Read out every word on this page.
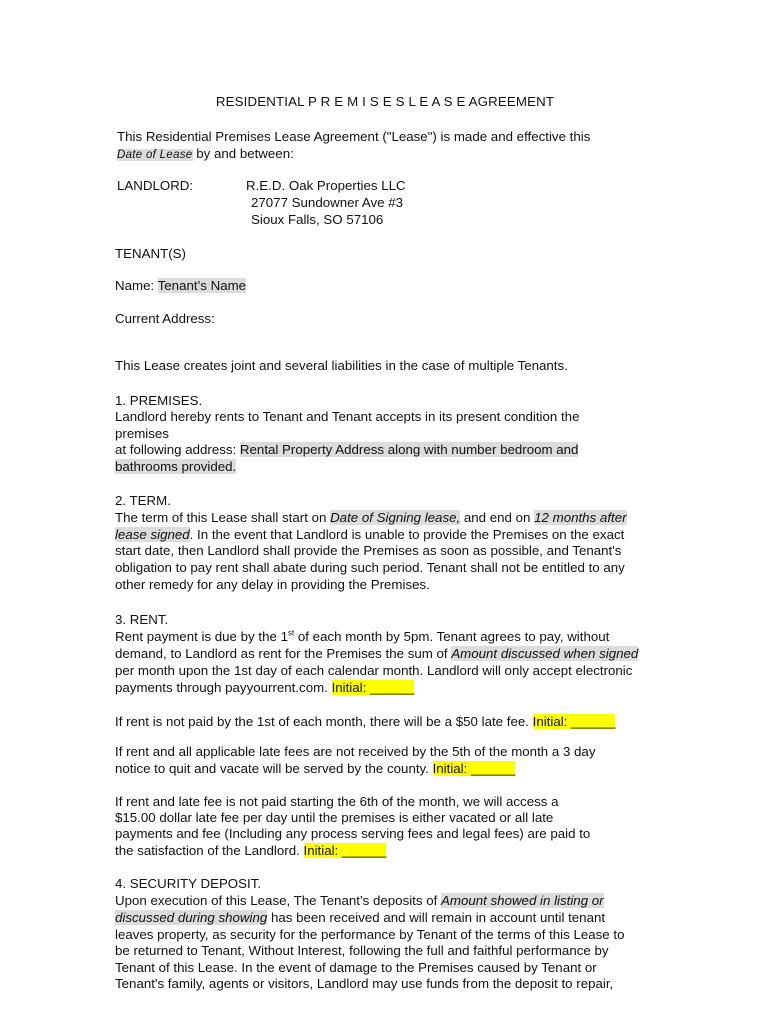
RESIDENTIAL P R E M I S E S L E A S E AGREEMENT
This Residential Premises Lease Agreement ("Lease") is made and effective this
Date of Lease by and between:
LANDLORD:	R.E.D. Oak Properties LLC
27077 Sundowner Ave #3
Sioux Falls, SO 57106
TENANT(S)
Name: Tenant’s Name
Current Address:
This Lease creates joint and several liabilities in the case of multiple Tenants.
1. PREMISES.
Landlord hereby rents to Tenant and Tenant accepts in its present condition the
premises
at following address: Rental Property Address along with number bedroom and
bathrooms provided.
2. TERM.
The term of this Lease shall start on Date of Signing lease, and end on 12 months after
lease signed. In the event that Landlord is unable to provide the Premises on the exact
start date, then Landlord shall provide the Premises as soon as possible, and Tenant's
obligation to pay rent shall abate during such period. Tenant shall not be entitled to any
other remedy for any delay in providing the Premises.
3. RENT.
Rent payment is due by the 1st of each month by 5pm. Tenant agrees to pay, without
demand, to Landlord as rent for the Premises the sum of Amount discussed when signed
per month upon the 1st day of each calendar month. Landlord will only accept electronic
payments through payyourrent.com. Initial: ______
If rent is not paid by the 1st of each month, there will be a $50 late fee. Initial: ______
If rent and all applicable late fees are not received by the 5th of the month a 3 day
notice to quit and vacate will be served by the county. Initial: ______
If rent and late fee is not paid starting the 6th of the month, we will access a
$15.00 dollar late fee per day until the premises is either vacated or all late
payments and fee (Including any process serving fees and legal fees) are paid to
the satisfaction of the Landlord. Initial: ______
4. SECURITY DEPOSIT.
Upon execution of this Lease, The Tenant’s deposits of Amount showed in listing or
discussed during showing has been received and will remain in account until tenant
leaves property, as security for the performance by Tenant of the terms of this Lease to
be returned to Tenant, Without Interest, following the full and faithful performance by
Tenant of this Lease. In the event of damage to the Premises caused by Tenant or
Tenant's family, agents or visitors, Landlord may use funds from the deposit to repair,
